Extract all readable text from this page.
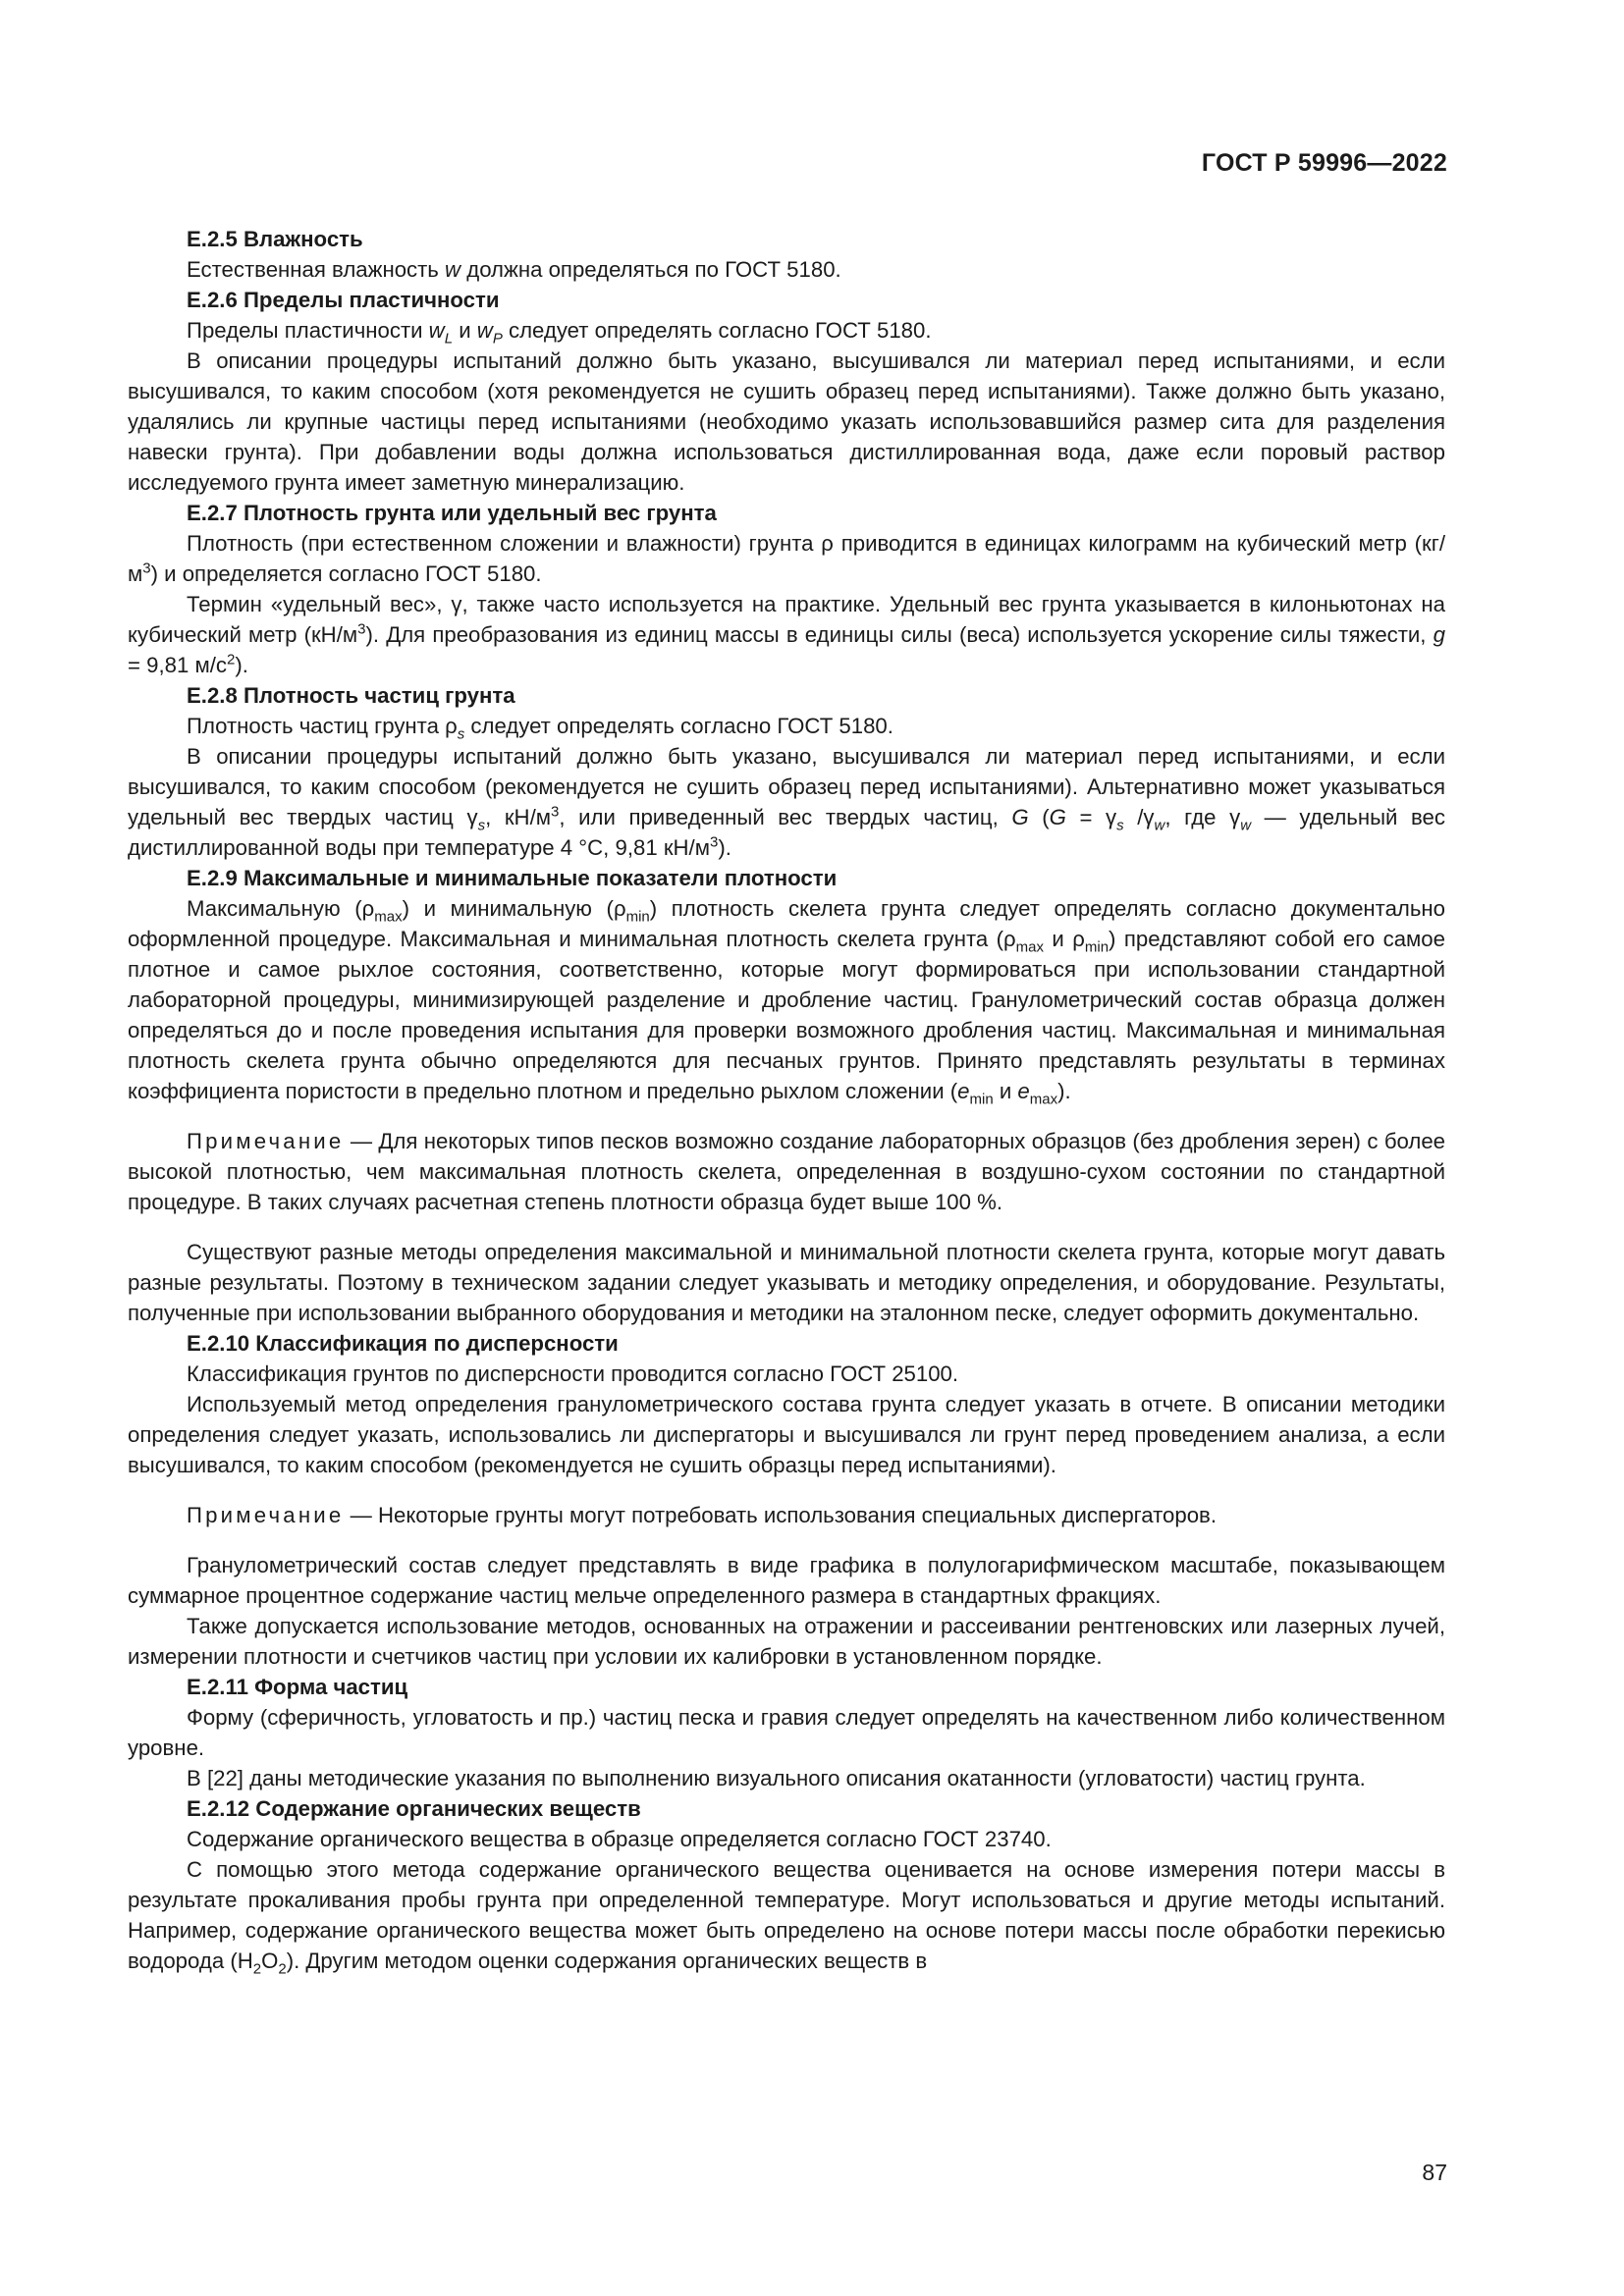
ГОСТ Р 59996—2022
Е.2.5 Влажность

Естественная влажность w должна определяться по ГОСТ 5180.

Е.2.6 Пределы пластичности

Пределы пластичности $w_L$ и $w_P$ следует определять согласно ГОСТ 5180.

В описании процедуры испытаний должно быть указано, высушивался ли материал перед испытаниями, и если высушивался, то каким способом (хотя рекомендуется не сушить образец перед испытаниями). Также должно быть указано, удалялись ли крупные частицы перед испытаниями (необходимо указать использовавшийся размер сита для разделения навески грунта). При добавлении воды должна использоваться дистиллированная вода, даже если поровый раствор исследуемого грунта имеет заметную минерализацию.

Е.2.7 Плотность грунта или удельный вес грунта

Плотность (при естественном сложении и влажности) грунта ρ приводится в единицах килограмм на кубический метр $(кг/м^3)$ и определяется согласно ГОСТ 5180.

Термин «удельный вес», γ, также часто используется на практике. Удельный вес грунта указывается в килоньютонах на кубический метр $(кН/м^3)$. Для преобразования из единиц массы в единицы силы (веса) используется ускорение силы тяжести, g = 9,81 $м/с^2$).

Е.2.8 Плотность частиц грунта

Плотность частиц грунта $\rho_s$ следует определять согласно ГОСТ 5180.

В описании процедуры испытаний должно быть указано, высушивался ли материал перед испытаниями, и если высушивался, то каким способом (рекомендуется не сушить образец перед испытаниями). Альтернативно может указываться удельный вес твердых частиц $\gamma_s$, $кН/м^3$, или приведенный вес твердых частиц, G ($G = \gamma_s$ $/\gamma_w$, где $\gamma_w$ — удельный вес дистиллированной воды при температуре 4 °С, 9,81 $кН/м^3$).

Е.2.9 Максимальные и минимальные показатели плотности

Максимальную $(\rho_{max})$ и минимальную $(\rho_{min})$ плотность скелета грунта следует определять согласно документально оформленной процедуре. Максимальная и минимальная плотность скелета грунта ($\rho_{max}$ и $\rho_{min}$) представляют собой его самое плотное и самое рыхлое состояния, соответственно, которые могут формироваться при использовании стандартной лабораторной процедуры, минимизирующей разделение и дробление частиц. Гранулометрический состав образца должен определяться до и после проведения испытания для проверки возможного дробления частиц. Максимальная и минимальная плотность скелета грунта обычно определяются для песчаных грунтов. Принято представлять результаты в терминах коэффициента пористости в предельно плотном и предельно рыхлом сложении ($e_{min}$ и $e_{max}$).

Примечание — Для некоторых типов песков возможно создание лабораторных образцов (без дробления зерен) с более высокой плотностью, чем максимальная плотность скелета, определенная в воздушно-сухом состоянии по стандартной процедуре. В таких случаях расчетная степень плотности образца будет выше 100 %.

Существуют разные методы определения максимальной и минимальной плотности скелета грунта, которые могут давать разные результаты. Поэтому в техническом задании следует указывать и методику определения, и оборудование. Результаты, полученные при использовании выбранного оборудования и методики на эталонном песке, следует оформить документально.

Е.2.10 Классификация по дисперсности

Классификация грунтов по дисперсности проводится согласно ГОСТ 25100.

Используемый метод определения гранулометрического состава грунта следует указать в отчете. В описании методики определения следует указать, использовались ли диспергаторы и высушивался ли грунт перед проведением анализа, а если высушивался, то каким способом (рекомендуется не сушить образцы перед испытаниями).

Примечание — Некоторые грунты могут потребовать использования специальных диспергаторов.

Гранулометрический состав следует представлять в виде графика в полулогарифмическом масштабе, показывающем суммарное процентное содержание частиц мельче определенного размера в стандартных фракциях.

Также допускается использование методов, основанных на отражении и рассеивании рентгеновских или лазерных лучей, измерении плотности и счетчиков частиц при условии их калибровки в установленном порядке.

Е.2.11 Форма частиц

Форму (сферичность, угловатость и пр.) частиц песка и гравия следует определять на качественном либо количественном уровне.

В [22] даны методические указания по выполнению визуального описания окатанности (угловатости) частиц грунта.

Е.2.12 Содержание органических веществ

Содержание органического вещества в образце определяется согласно ГОСТ 23740.

С помощью этого метода содержание органического вещества оценивается на основе измерения потери массы в результате прокаливания пробы грунта при определенной температуре. Могут использоваться и другие методы испытаний. Например, содержание органического вещества может быть определено на основе потери массы после обработки перекисью водорода $(Н_2О_2)$. Другим методом оценки содержания органических веществ в

87
